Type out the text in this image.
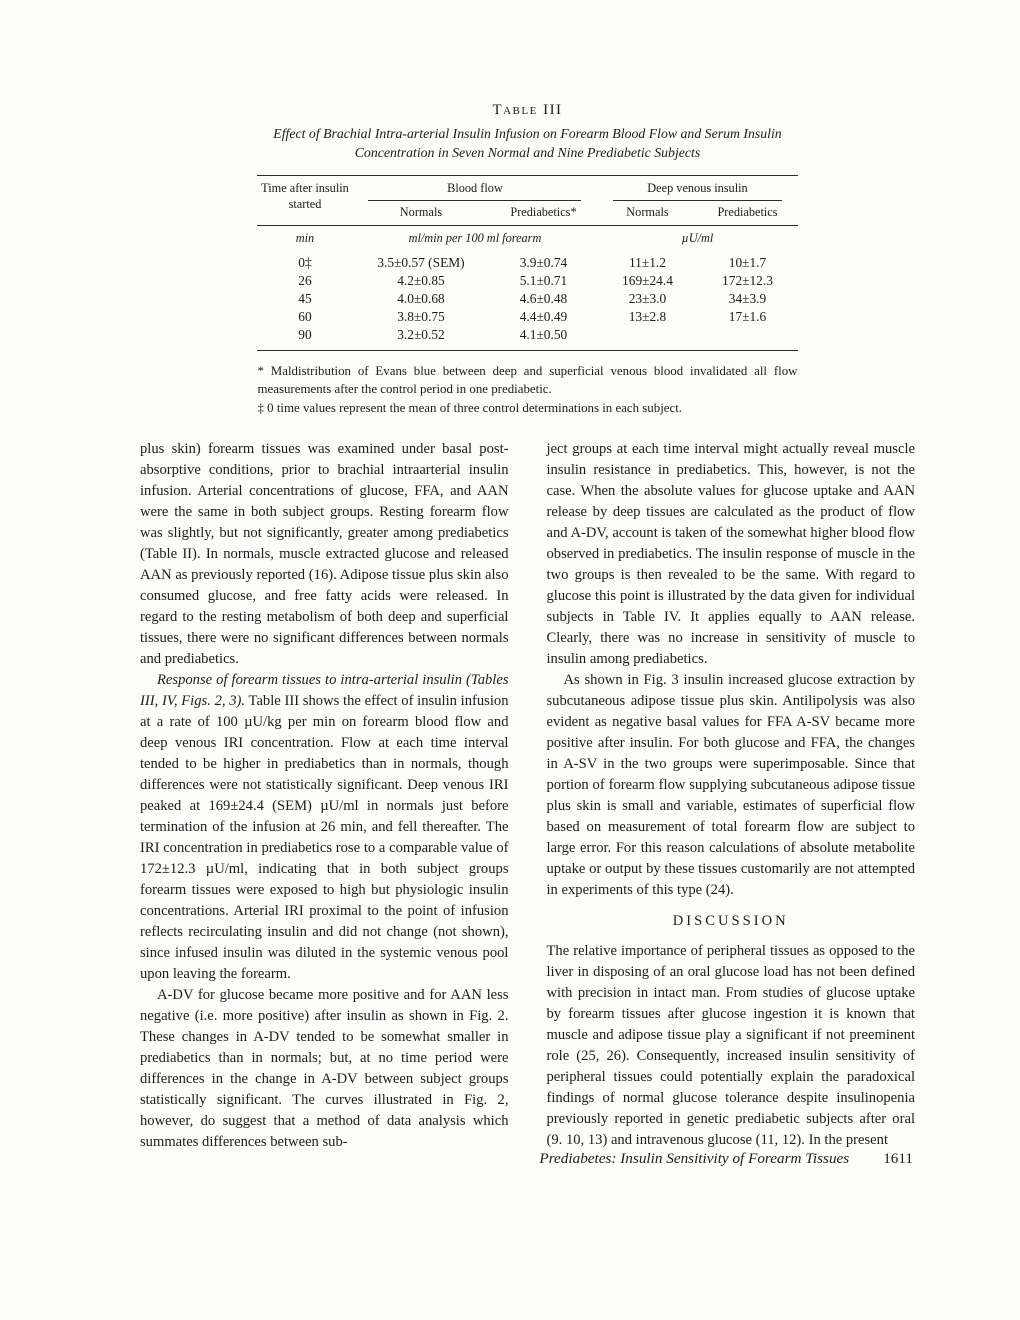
Table III
Effect of Brachial Intra-arterial Insulin Infusion on Forearm Blood Flow and Serum Insulin Concentration in Seven Normal and Nine Prediabetic Subjects
Time after insulin started	Blood flow		Deep venous insulin	

	Normals	Prediabetics*	Normals	Prediabetics
min	ml/min per 100 ml forearm		µU/ml	
0‡	3.5±0.57 (SEM)	3.9±0.74	11±1.2	10±1.7
26	4.2±0.85	5.1±0.71	169±24.4	172±12.3
45	4.0±0.68	4.6±0.48	23±3.0	34±3.9
60	3.8±0.75	4.4±0.49	13±2.8	17±1.6
90	3.2±0.52	4.1±0.50		

* Maldistribution of Evans blue between deep and superficial venous blood invalidated all flow measurements after the control period in one prediabetic.

‡ 0 time values represent the mean of three control determinations in each subject.

plus skin) forearm tissues was examined under basal post-absorptive conditions, prior to brachial intraarterial insulin infusion. Arterial concentrations of glucose, FFA, and AAN were the same in both subject groups. Resting forearm flow was slightly, but not significantly, greater among prediabetics (Table II). In normals, muscle extracted glucose and released AAN as previously reported (16). Adipose tissue plus skin also consumed glucose, and free fatty acids were released. In regard to the resting metabolism of both deep and superficial tissues, there were no significant differences between normals and prediabetics.

Response of forearm tissues to intra-arterial insulin (Tables III, IV, Figs. 2, 3). Table III shows the effect of insulin infusion at a rate of 100 µU/kg per min on forearm blood flow and deep venous IRI concentration. Flow at each time interval tended to be higher in prediabetics than in normals, though differences were not statistically significant. Deep venous IRI peaked at 169±24.4 (SEM) µU/ml in normals just before termination of the infusion at 26 min, and fell thereafter. The IRI concentration in prediabetics rose to a comparable value of 172±12.3 µU/ml, indicating that in both subject groups forearm tissues were exposed to high but physiologic insulin concentrations. Arterial IRI proximal to the point of infusion reflects recirculating insulin and did not change (not shown), since infused insulin was diluted in the systemic venous pool upon leaving the forearm.

A-DV for glucose became more positive and for AAN less negative (i.e. more positive) after insulin as shown in Fig. 2. These changes in A-DV tended to be somewhat smaller in prediabetics than in normals; but, at no time period were differences in the change in A-DV between subject groups statistically significant. The curves illustrated in Fig. 2, however, do suggest that a method of data analysis which summates differences between sub-

ject groups at each time interval might actually reveal muscle insulin resistance in prediabetics. This, however, is not the case. When the absolute values for glucose uptake and AAN release by deep tissues are calculated as the product of flow and A-DV, account is taken of the somewhat higher blood flow observed in prediabetics. The insulin response of muscle in the two groups is then revealed to be the same. With regard to glucose this point is illustrated by the data given for individual subjects in Table IV. It applies equally to AAN release. Clearly, there was no increase in sensitivity of muscle to insulin among prediabetics.

As shown in Fig. 3 insulin increased glucose extraction by subcutaneous adipose tissue plus skin. Antilipolysis was also evident as negative basal values for FFA A-SV became more positive after insulin. For both glucose and FFA, the changes in A-SV in the two groups were superimposable. Since that portion of forearm flow supplying subcutaneous adipose tissue plus skin is small and variable, estimates of superficial flow based on measurement of total forearm flow are subject to large error. For this reason calculations of absolute metabolite uptake or output by these tissues customarily are not attempted in experiments of this type (24).

DISCUSSION

The relative importance of peripheral tissues as opposed to the liver in disposing of an oral glucose load has not been defined with precision in intact man. From studies of glucose uptake by forearm tissues after glucose ingestion it is known that muscle and adipose tissue play a significant if not preeminent role (25, 26). Consequently, increased insulin sensitivity of peripheral tissues could potentially explain the paradoxical findings of normal glucose tolerance despite insulinopenia previously reported in genetic prediabetic subjects after oral (9. 10, 13) and intravenous glucose (11, 12). In the present

Prediabetes: Insulin Sensitivity of Forearm Tissues 1611
